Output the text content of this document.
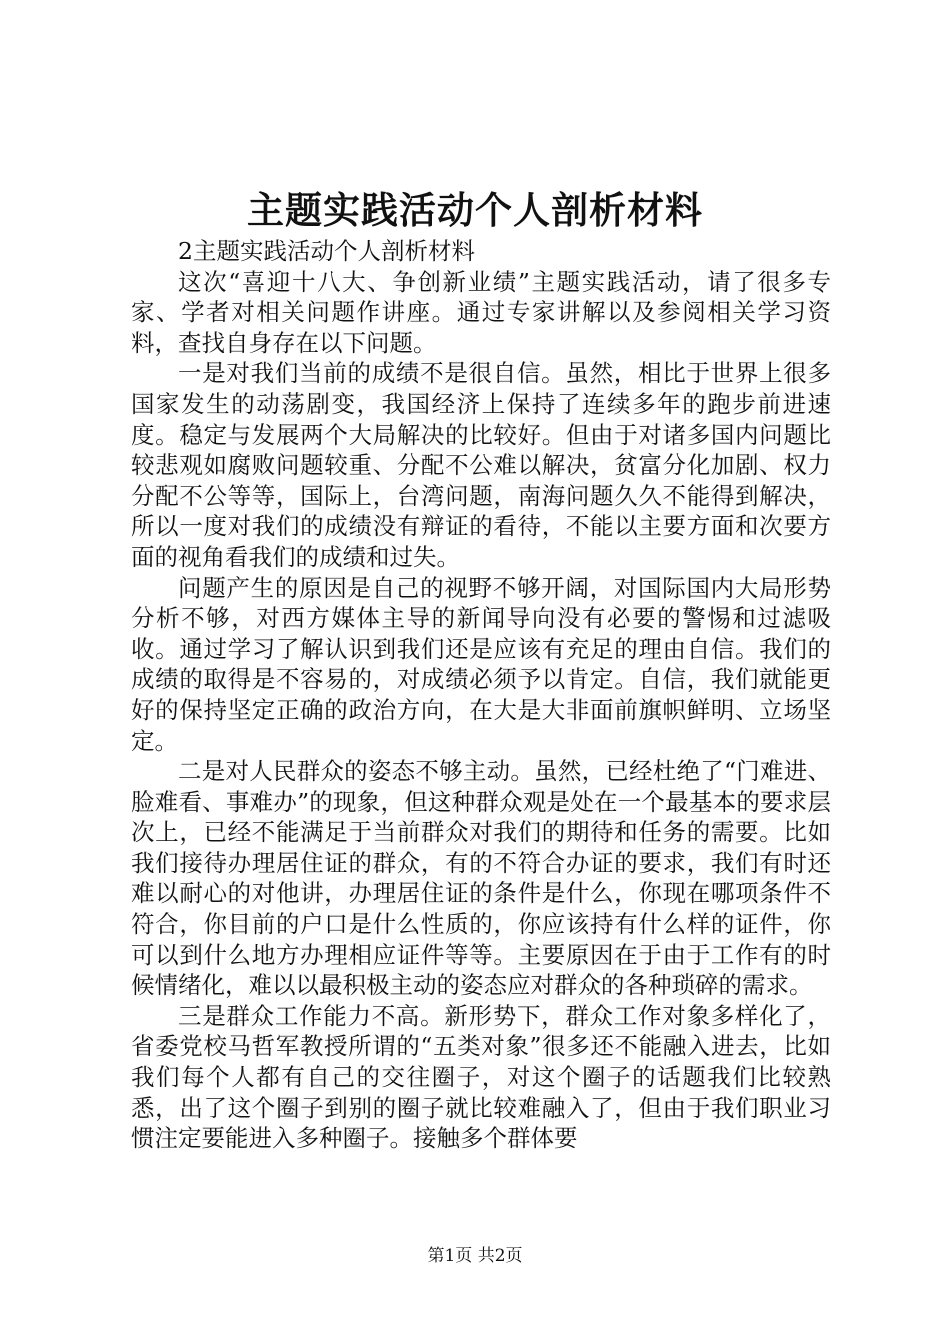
主题实践活动个人剖析材料

2主题实践活动个人剖析材料

这次“喜迎十八大、争创新业绩”主题实践活动，请了很多专家、学者对相关问题作讲座。通过专家讲解以及参阅相关学习资料，查找自身存在以下问题。

一是对我们当前的成绩不是很自信。虽然，相比于世界上很多国家发生的动荡剧变，我国经济上保持了连续多年的跑步前进速度。稳定与发展两个大局解决的比较好。但由于对诸多国内问题比较悲观如腐败问题较重、分配不公难以解决，贫富分化加剧、权力分配不公等等，国际上，台湾问题，南海问题久久不能得到解决，所以一度对我们的成绩没有辩证的看待，不能以主要方面和次要方面的视角看我们的成绩和过失。

问题产生的原因是自己的视野不够开阔，对国际国内大局形势分析不够，对西方媒体主导的新闻导向没有必要的警惕和过滤吸收。通过学习了解认识到我们还是应该有充足的理由自信。我们的成绩的取得是不容易的，对成绩必须予以肯定。自信，我们就能更好的保持坚定正确的政治方向，在大是大非面前旗帜鲜明、立场坚定。

二是对人民群众的姿态不够主动。虽然，已经杜绝了“门难进、脸难看、事难办”的现象，但这种群众观是处在一个最基本的要求层次上，已经不能满足于当前群众对我们的期待和任务的需要。比如我们接待办理居住证的群众，有的不符合办证的要求，我们有时还难以耐心的对他讲，办理居住证的条件是什么，你现在哪项条件不符合，你目前的户口是什么性质的，你应该持有什么样的证件，你可以到什么地方办理相应证件等等。主要原因在于由于工作有的时候情绪化，难以以最积极主动的姿态应对群众的各种琐碎的需求。

三是群众工作能力不高。新形势下，群众工作对象多样化了，省委党校马哲军教授所谓的“五类对象”很多还不能融入进去，比如我们每个人都有自己的交往圈子，对这个圈子的话题我们比较熟悉，出了这个圈子到别的圈子就比较难融入了，但由于我们职业习惯注定要能进入多种圈子。接触多个群体要

第1页 共2页
